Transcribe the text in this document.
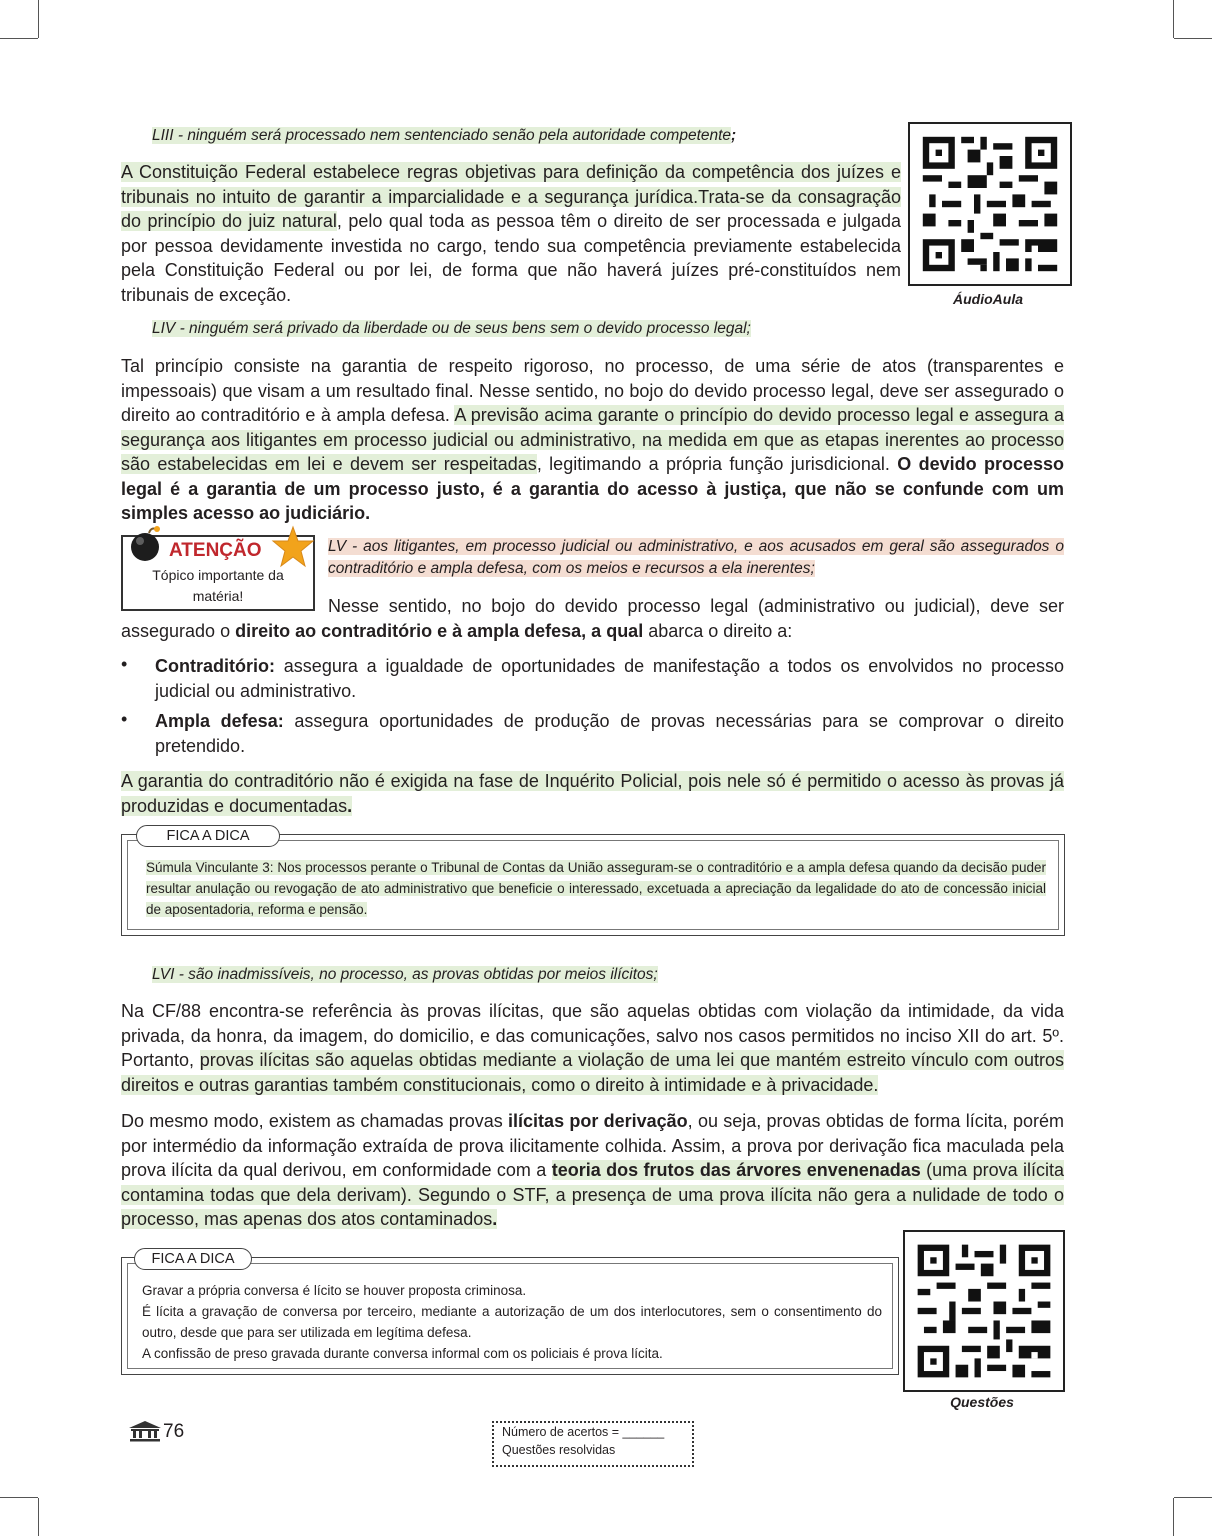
LIII - ninguém será processado nem sentenciado senão pela autoridade competente;
A Constituição Federal estabelece regras objetivas para definição da competência dos juízes e tribunais no intuito de garantir a imparcialidade e a segurança jurídica.Trata-se da consagração do princípio do juiz natural, pelo qual toda as pessoa têm o direito de ser processada e julgada por pessoa devidamente investida no cargo, tendo sua competência previamente estabelecida pela Constituição Federal ou por lei, de forma que não haverá juízes pré-constituídos nem tribunais de exceção.	ÁudioAula
LIV - ninguém será privado da liberdade ou de seus bens sem o devido processo legal;
Tal princípio consiste na garantia de respeito rigoroso, no processo, de uma série de atos (transparentes e impessoais) que visam a um resultado final. Nesse sentido, no bojo do devido processo legal, deve ser assegurado o direito ao contraditório e à ampla defesa. A previsão acima garante o princípio do devido processo legal e assegura a segurança aos litigantes em processo judicial ou administrativo, na medida em que as etapas inerentes ao processo são estabelecidas em lei e devem ser respeitadas, legitimando a própria função jurisdicional. O devido processo legal é a garantia de um processo justo, é a garantia do acesso à justiça, que não se confunde com um simples acesso ao judiciário.
ATENÇÃO
Tópico importante da matéria!
LV - aos litigantes, em processo judicial ou administrativo, e aos acusados em geral são assegurados o contraditório e ampla defesa, com os meios e recursos a ela inerentes;
Nesse sentido, no bojo do devido processo legal (administrativo ou judicial), deve ser assegurado o direito ao contraditório e à ampla defesa, a qual abarca o direito a:
• Contraditório: assegura a igualdade de oportunidades de manifestação a todos os envolvidos no processo judicial ou administrativo.
• Ampla defesa: assegura oportunidades de produção de provas necessárias para se comprovar o direito pretendido.
A garantia do contraditório não é exigida na fase de Inquérito Policial, pois nele só é permitido o acesso às provas já produzidas e documentadas.
FICA A DICA
Súmula Vinculante 3: Nos processos perante o Tribunal de Contas da União asseguram-se o contraditório e a ampla defesa quando da decisão puder resultar anulação ou revogação de ato administrativo que beneficie o interessado, excetuada a apreciação da legalidade do ato de concessão inicial de aposentadoria, reforma e pensão.
LVI - são inadmissíveis, no processo, as provas obtidas por meios ilícitos;
Na CF/88 encontra-se referência às provas ilícitas, que são aquelas obtidas com violação da intimidade, da vida privada, da honra, da imagem, do domicilio, e das comunicações, salvo nos casos permitidos no inciso XII do art. 5º. Portanto, provas ilícitas são aquelas obtidas mediante a violação de uma lei que mantém estreito vínculo com outros direitos e outras garantias também constitucionais, como o direito à intimidade e à privacidade.
Do mesmo modo, existem as chamadas provas ilícitas por derivação, ou seja, provas obtidas de forma lícita, porém por intermédio da informação extraída de prova ilicitamente colhida. Assim, a prova por derivação fica maculada pela prova ilícita da qual derivou, em conformidade com a teoria dos frutos das árvores envenenadas (uma prova ilícita contamina todas que dela derivam). Segundo o STF, a presença de uma prova ilícita não gera a nulidade de todo o processo, mas apenas dos atos contaminados.
FICA A DICA
Gravar a própria conversa é lícito se houver proposta criminosa.
É lícita a gravação de conversa por terceiro, mediante a autorização de um dos interlocutores, sem o consentimento do outro, desde que para ser utilizada em legítima defesa.
A confissão de preso gravada durante conversa informal com os policiais é prova lícita.
Questões
76	Número de acertos = ______
Questões resolvidas
